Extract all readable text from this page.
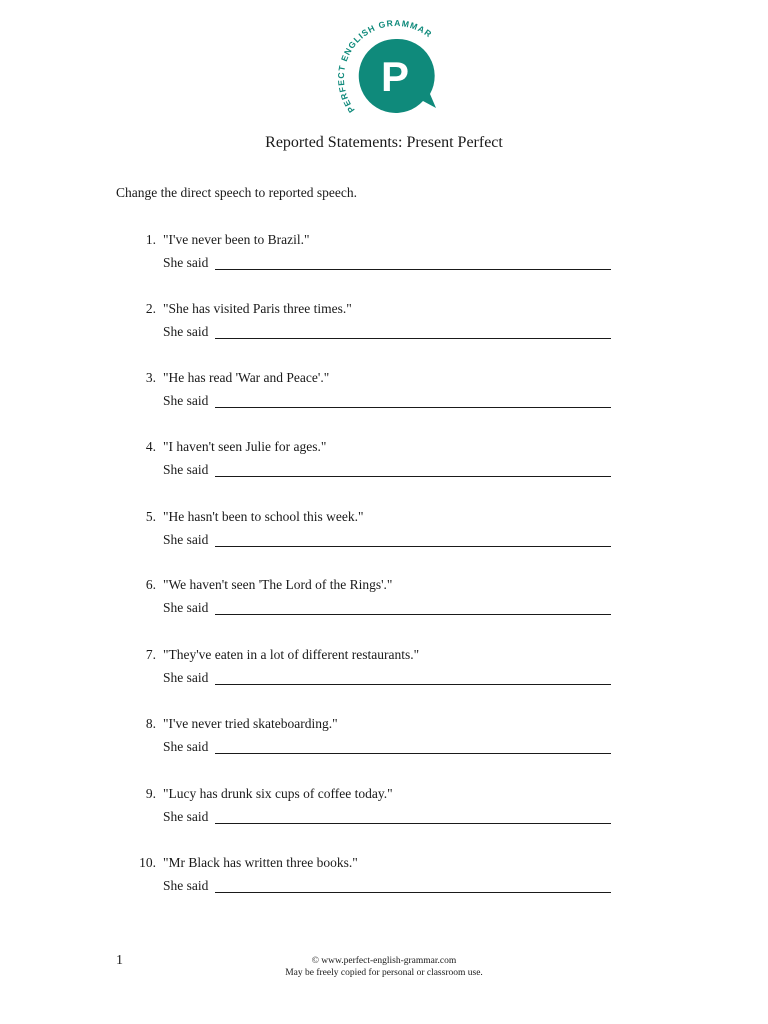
PERFECT ENGLISH GRAMMAR
P
Reported Statements: Present Perfect
Change the direct speech to reported speech.
1. "I've never been to Brazil."
She said
2. "She has visited Paris three times."
She said
3. "He has read 'War and Peace'."
She said
4. "I haven't seen Julie for ages."
She said
5. "He hasn't been to school this week."
She said
6. "We haven't seen 'The Lord of the Rings'."
She said
7. "They've eaten in a lot of different restaurants."
She said
8. "I've never tried skateboarding."
She said
9. "Lucy has drunk six cups of coffee today."
She said
10. "Mr Black has written three books."
She said
1	© www.perfect-english-grammar.com
May be freely copied for personal or classroom use.
